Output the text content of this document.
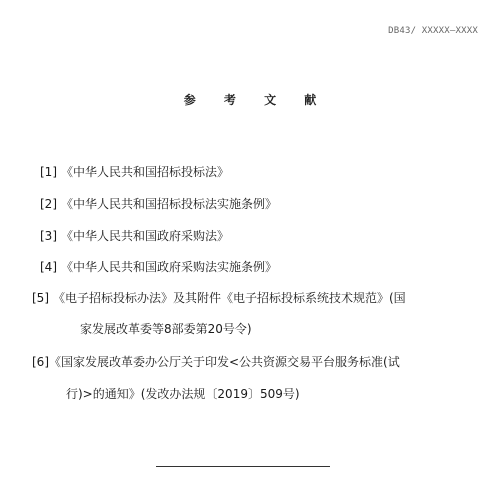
DB43/ XXXXX—XXXX
参 考 文 献
[1] 《中华人民共和国招标投标法》
[2] 《中华人民共和国招标投标法实施条例》
[3] 《中华人民共和国政府采购法》
[4] 《中华人民共和国政府采购法实施条例》
[5] 《电子招标投标办法》及其附件《电子招标投标系统技术规范》(国
家发展改革委等8部委第20号令)
[6]《国家发展改革委办公厅关于印发<公共资源交易平台服务标准(试
行)>的通知》(发改办法规〔2019〕509号)
